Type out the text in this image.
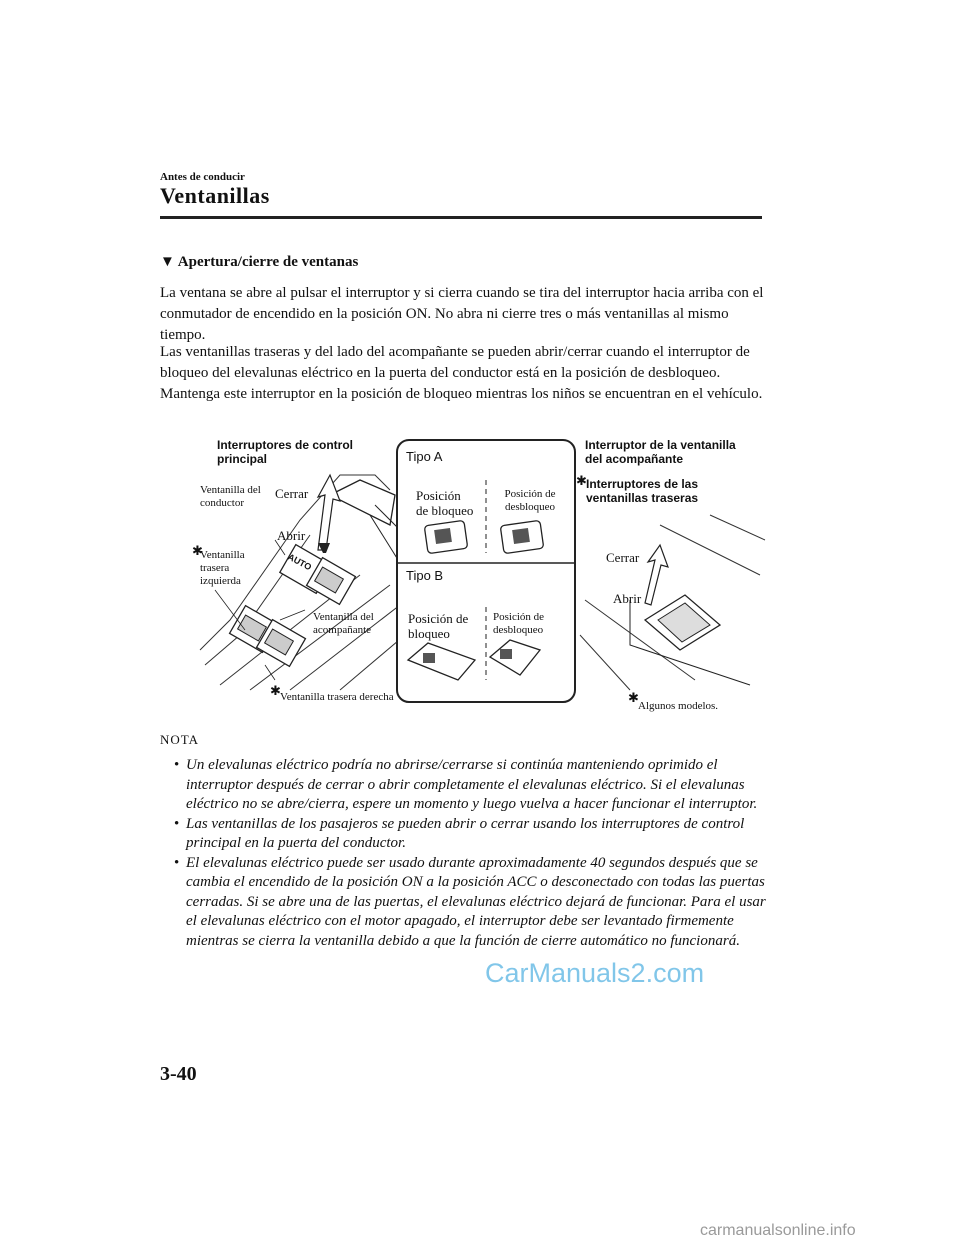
Antes de conducir
Ventanillas
▼ Apertura/cierre de ventanas
La ventana se abre al pulsar el interruptor y si cierra cuando se tira del interruptor hacia arriba con el conmutador de encendido en la posición ON. No abra ni cierre tres o más ventanillas al mismo tiempo.
Las ventanillas traseras y del lado del acompañante se pueden abrir/cerrar cuando el interruptor de bloqueo del elevalunas eléctrico en la puerta del conductor está en la posición de desbloqueo. Mantenga este interruptor en la posición de bloqueo mientras los niños se encuentran en el vehículo.
Interruptores de control principal
Ventanilla del conductor
Cerrar
Abrir
AUTO
✱
Ventanilla trasera izquierda
Ventanilla del acompañante
✱ Ventanilla trasera derecha
Tipo A
Posición de bloqueo
Posición de desbloqueo
Tipo B
Posición de bloqueo
Posición de desbloqueo
Interruptor de la ventanilla del acompañante
✱ Interruptores de las ventanillas traseras
Cerrar
Abrir
✱
Algunos modelos.
NOTA
• Un elevalunas eléctrico podría no abrirse/cerrarse si continúa manteniendo oprimido el interruptor después de cerrar o abrir completamente el elevalunas eléctrico. Si el elevalunas eléctrico no se abre/cierra, espere un momento y luego vuelva a hacer funcionar el interruptor.
• Las ventanillas de los pasajeros se pueden abrir o cerrar usando los interruptores de control principal en la puerta del conductor.
• El elevalunas eléctrico puede ser usado durante aproximadamente 40 segundos después que se cambia el encendido de la posición ON a la posición ACC o desconectado con todas las puertas cerradas. Si se abre una de las puertas, el elevalunas eléctrico dejará de funcionar. Para el usar el elevalunas eléctrico con el motor apagado, el interruptor debe ser levantado firmemente mientras se cierra la ventanilla debido a que la función de cierre automático no funcionará.
3-40
CarManuals2.com
carmanualsonline.info
